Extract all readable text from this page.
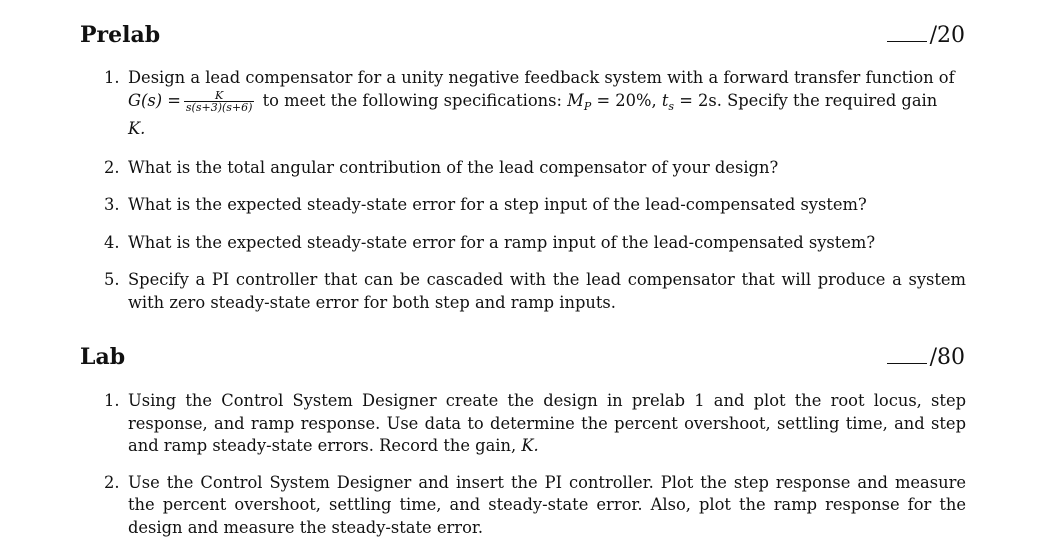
Prelab	/20
1. Design a lead compensator for a unity negative feedback system with a forward transfer function of
$G(s) = \frac{K}{s(s+3)(s+6)}$ to meet the following specifications: $M_P = 20\%$, $t_s = 2s$. Specify the required gain
K.
2. What is the total angular contribution of the lead compensator of your design?
3. What is the expected steady-state error for a step input of the lead-compensated system?
4. What is the expected steady-state error for a ramp input of the lead-compensated system?
5. Specify a PI controller that can be cascaded with the lead compensator that will produce a system with zero steady-state error for both step and ramp inputs.
Lab	/80
1. Using the Control System Designer create the design in prelab 1 and plot the root locus, step response, and ramp response. Use data to determine the percent overshoot, settling time, and step and ramp steady-state errors. Record the gain, K.
2. Use the Control System Designer and insert the PI controller. Plot the step response and measure the percent overshoot, settling time, and steady-state error. Also, plot the ramp response for the design and measure the steady-state error.
